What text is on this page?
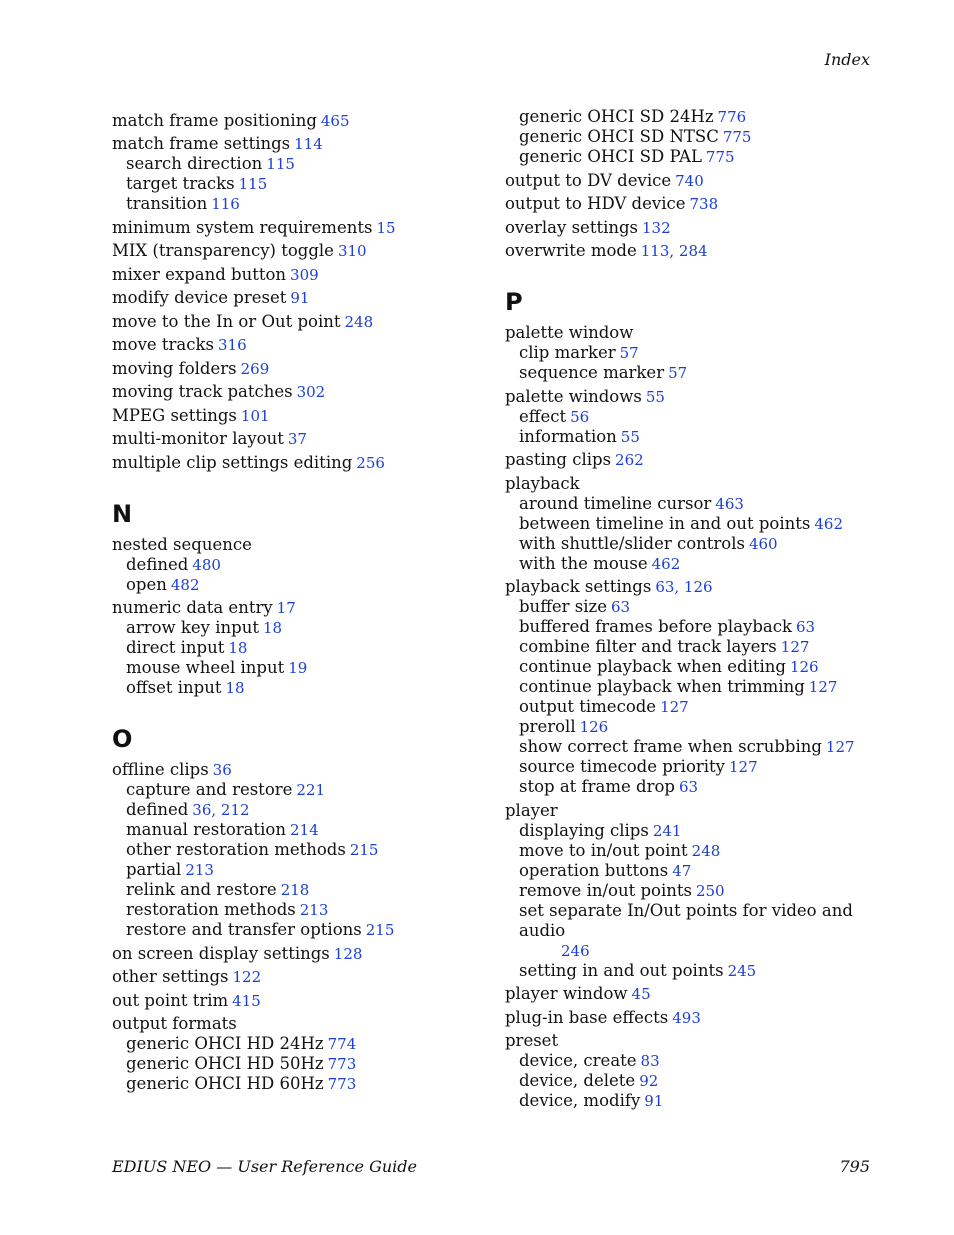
Index
match frame positioning 465
match frame settings 114
search direction 115
target tracks 115
transition 116
minimum system requirements 15
MIX (transparency) toggle 310
mixer expand button 309
modify device preset 91
move to the In or Out point 248
move tracks 316
moving folders 269
moving track patches 302
MPEG settings 101
multi-monitor layout 37
multiple clip settings editing 256
N
nested sequence
defined 480
open 482
numeric data entry 17
arrow key input 18
direct input 18
mouse wheel input 19
offset input 18
O
offline clips 36
capture and restore 221
defined 36, 212
manual restoration 214
other restoration methods 215
partial 213
relink and restore 218
restoration methods 213
restore and transfer options 215
on screen display settings 128
other settings 122
out point trim 415
output formats
generic OHCI HD 24Hz 774
generic OHCI HD 50Hz 773
generic OHCI HD 60Hz 773
generic OHCI SD 24Hz 776
generic OHCI SD NTSC 775
generic OHCI SD PAL 775
output to DV device 740
output to HDV device 738
overlay settings 132
overwrite mode 113, 284
P
palette window
clip marker 57
sequence marker 57
palette windows 55
effect 56
information 55
pasting clips 262
playback
around timeline cursor 463
between timeline in and out points 462
with shuttle/slider controls 460
with the mouse 462
playback settings 63, 126
buffer size 63
buffered frames before playback 63
combine filter and track layers 127
continue playback when editing 126
continue playback when trimming 127
output timecode 127
preroll 126
show correct frame when scrubbing 127
source timecode priority 127
stop at frame drop 63
player
displaying clips 241
move to in/out point 248
operation buttons 47
remove in/out points 250
set separate In/Out points for video and audio
246
setting in and out points 245
player window 45
plug-in base effects 493
preset
device, create 83
device, delete 92
device, modify 91
EDIUS NEO — User Reference Guide	795
